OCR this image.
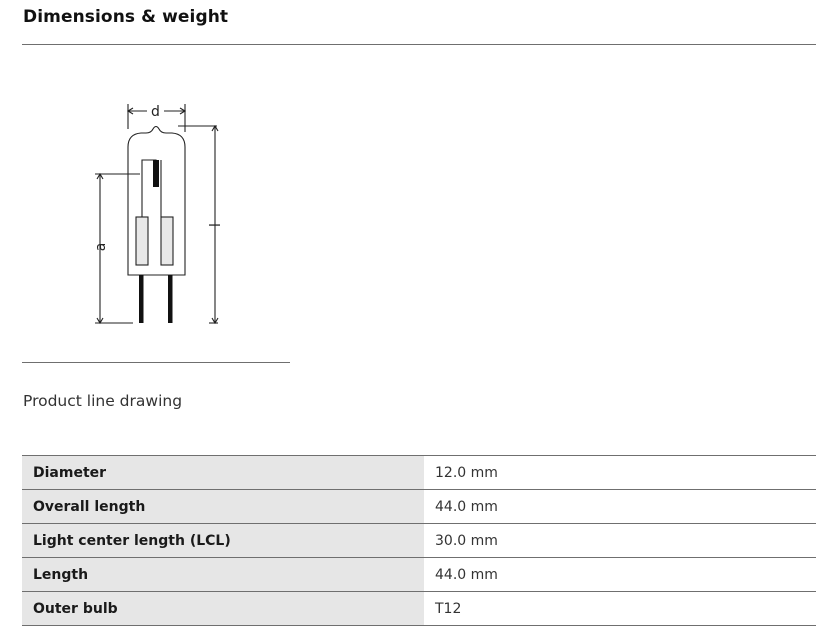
Dimensions & weight
d
l
a
Product line drawing
Diameter	12.0 mm
Overall length	44.0 mm
Light center length (LCL)	30.0 mm
Length	44.0 mm
Outer bulb	T12
